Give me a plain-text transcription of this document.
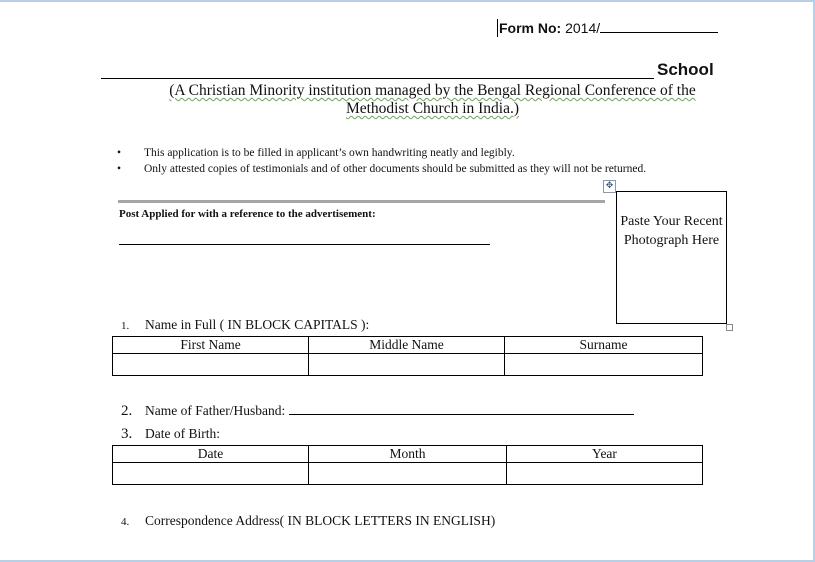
Form No: 2014/
School
(A Christian Minority institution managed by the Bengal Regional Conference of the
Methodist Church in India.)
• This application is to be filled in applicant’s own handwriting neatly and legibly.
• Only attested copies of testimonials and of other documents should be submitted as they will not be returned.
✥
Post Applied for with a reference to the advertisement:	Paste Your Recent Photograph Here
1. Name in Full ( IN BLOCK CAPITALS ):
First Name	Middle Name	Surname

2. Name of Father/Husband:
3. Date of Birth:
Date	Month	Year

4. Correspondence Address( IN BLOCK LETTERS IN ENGLISH)
